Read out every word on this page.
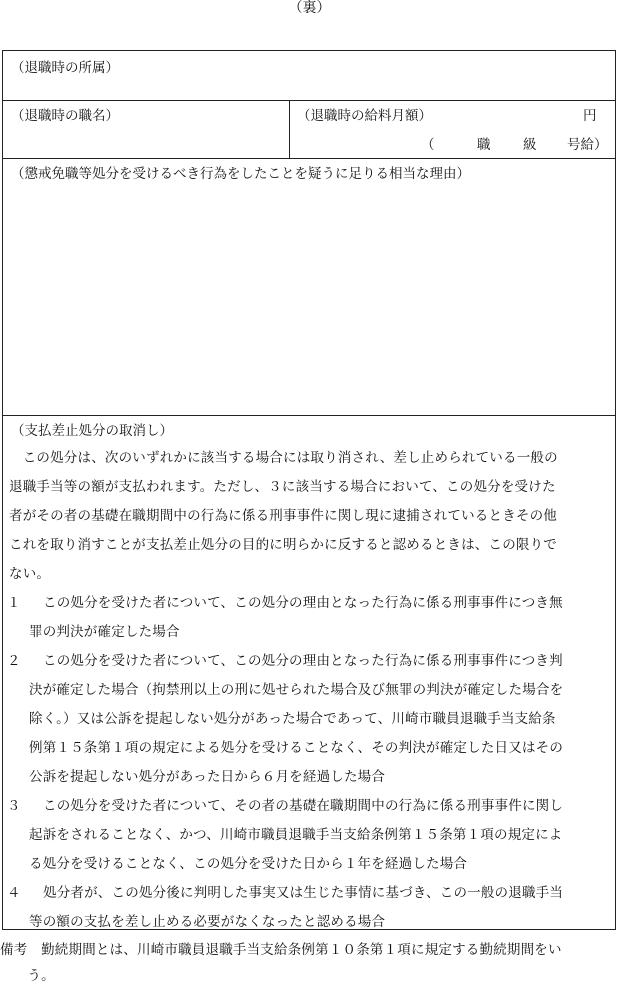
（裏）
（退職時の所属）
（退職時の職名）	（退職時の給料月額）	円
（	職 級 号給）
（懲戒免職等処分を受けるべき行為をしたことを疑うに足りる相当な理由）
（支払差止処分の取消し）
　この処分は、次のいずれかに該当する場合には取り消され、差し止められている一般の
退職手当等の額が支払われます。ただし、３に該当する場合において、この処分を受けた
者がその者の基礎在職期間中の行為に係る刑事事件に関し現に逮捕されているときその他
これを取り消すことが支払差止処分の目的に明らかに反すると認めるときは、この限りで
ない。
１ この処分を受けた者について、この処分の理由となった行為に係る刑事事件につき無
罪の判決が確定した場合
２ この処分を受けた者について、この処分の理由となった行為に係る刑事事件につき判
決が確定した場合（拘禁刑以上の刑に処せられた場合及び無罪の判決が確定した場合を
除く。）又は公訴を提起しない処分があった場合であって、川崎市職員退職手当支給条
例第１５条第１項の規定による処分を受けることなく、その判決が確定した日又はその
公訴を提起しない処分があった日から６月を経過した場合
３ この処分を受けた者について、その者の基礎在職期間中の行為に係る刑事事件に関し
起訴をされることなく、かつ、川崎市職員退職手当支給条例第１５条第１項の規定によ
る処分を受けることなく、この処分を受けた日から１年を経過した場合
４ 処分者が、この処分後に判明した事実又は生じた事情に基づき、この一般の退職手当
等の額の支払を差し止める必要がなくなったと認める場合
備考　勤続期間とは、川崎市職員退職手当支給条例第１０条第１項に規定する勤続期間をい
　　う。
